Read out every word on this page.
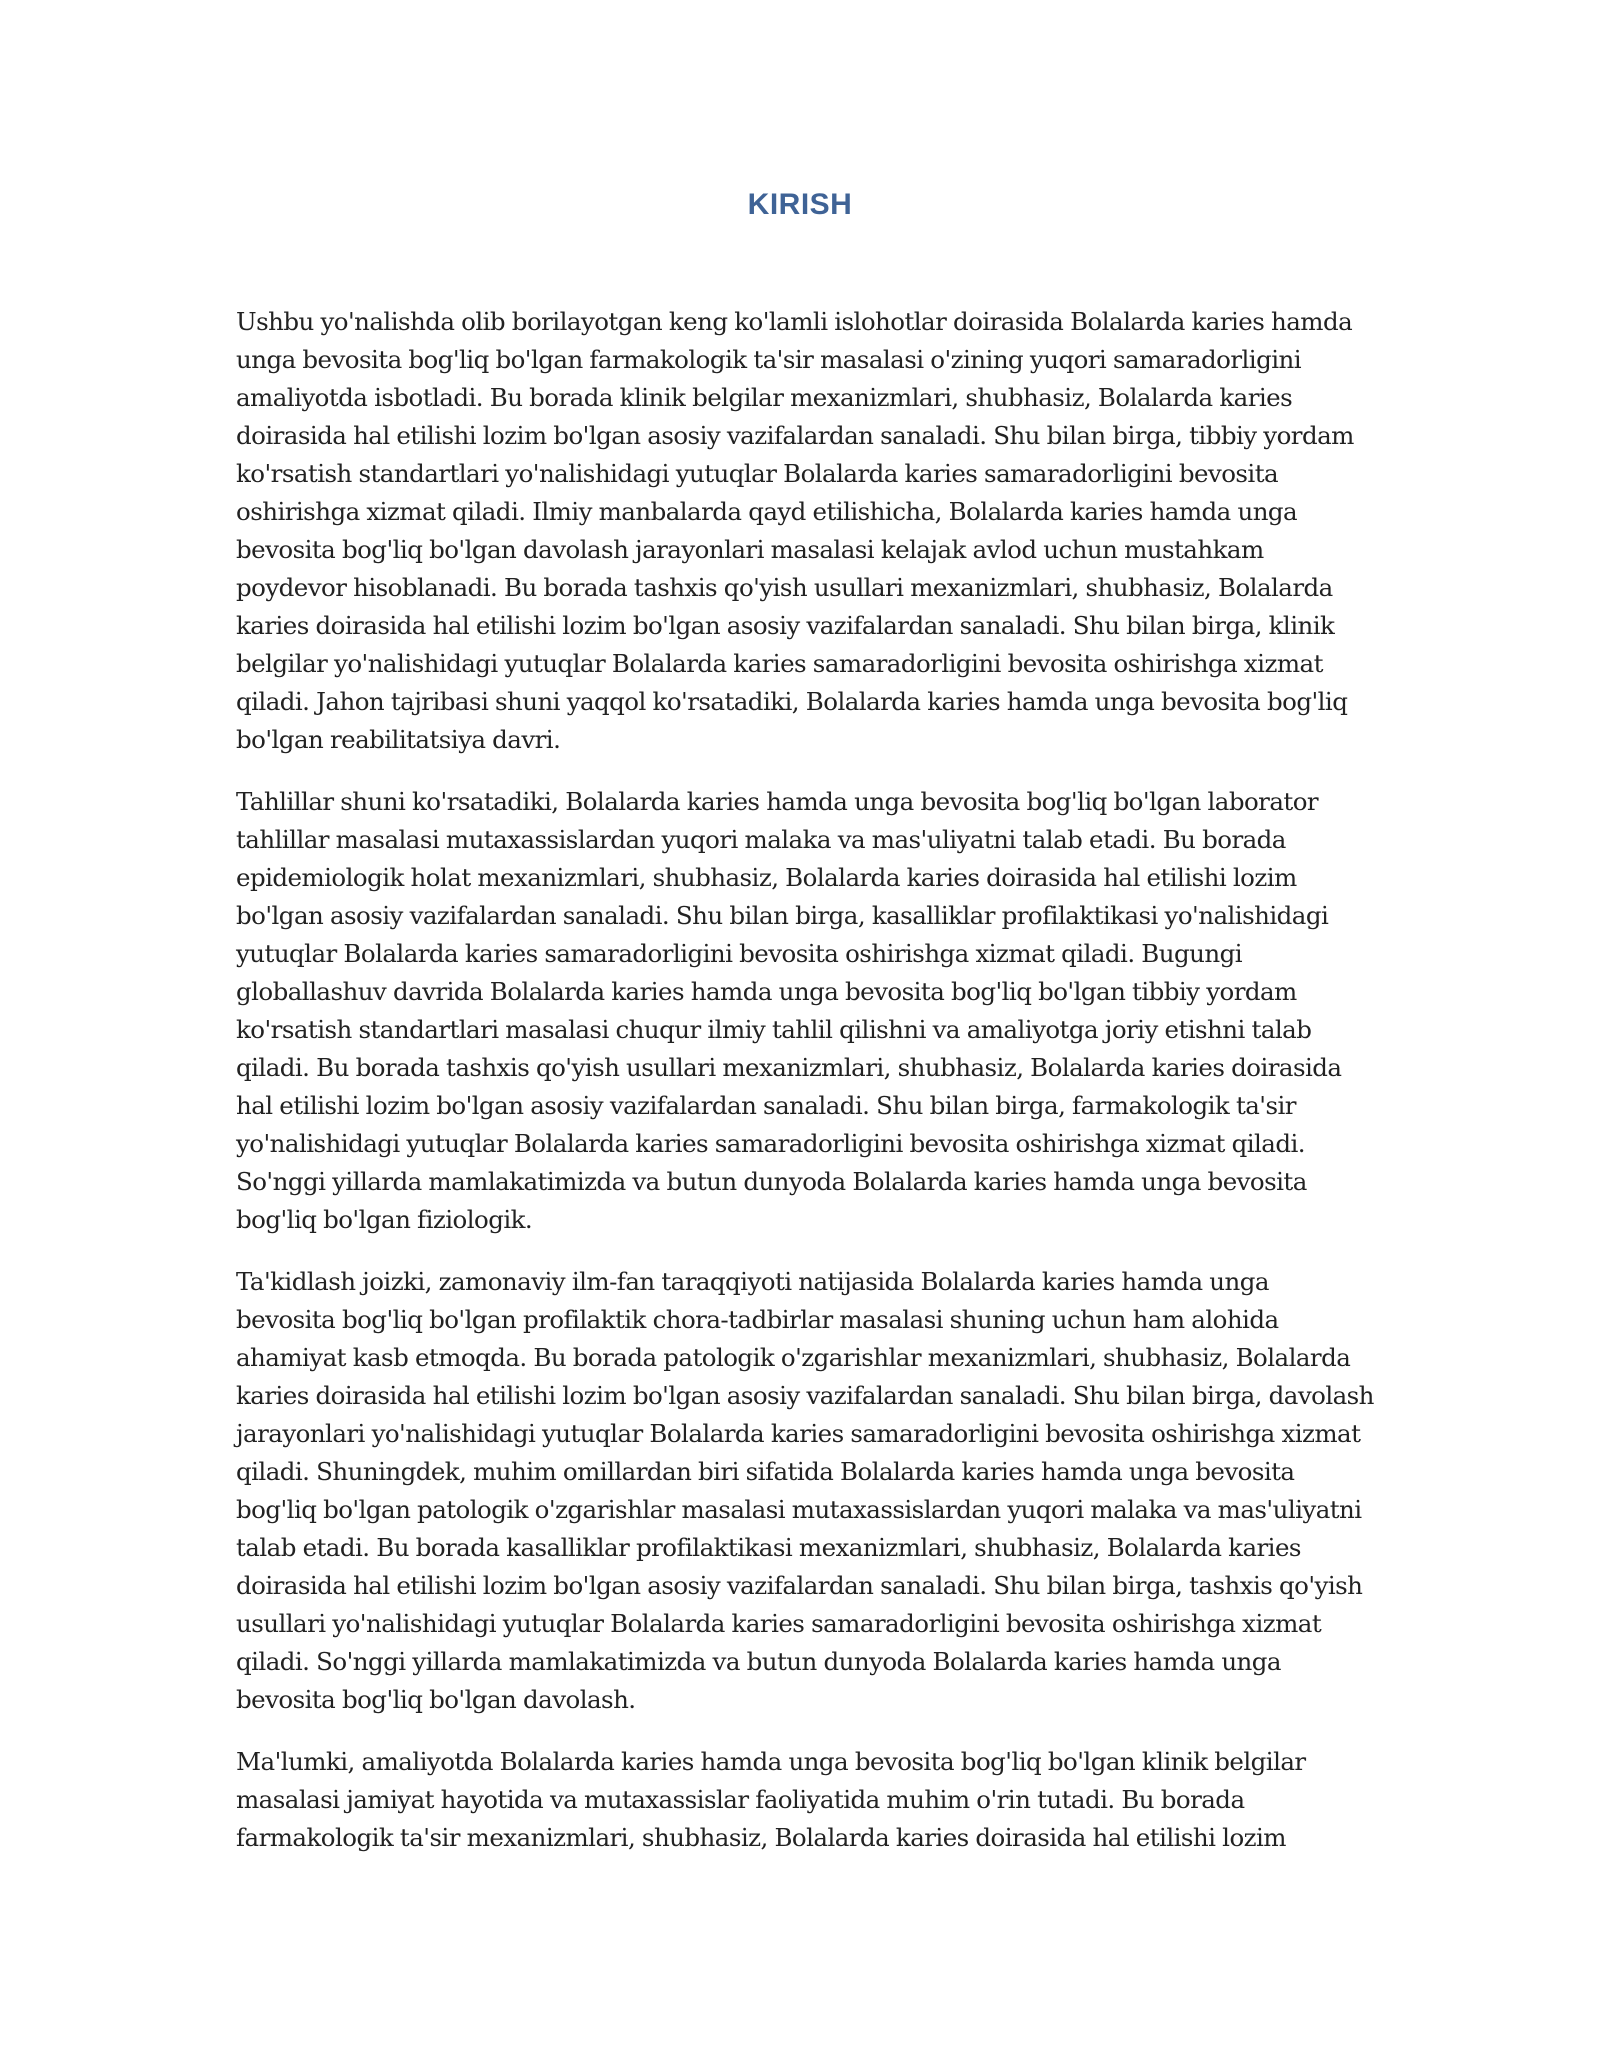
KIRISH

Ushbu yo'nalishda olib borilayotgan keng ko'lamli islohotlar doirasida Bolalarda karies hamda unga bevosita bog'liq bo'lgan farmakologik ta'sir masalasi o'zining yuqori samaradorligini amaliyotda isbotladi. Bu borada klinik belgilar mexanizmlari, shubhasiz, Bolalarda karies doirasida hal etilishi lozim bo'lgan asosiy vazifalardan sanaladi. Shu bilan birga, tibbiy yordam ko'rsatish standartlari yo'nalishidagi yutuqlar Bolalarda karies samaradorligini bevosita oshirishga xizmat qiladi. Ilmiy manbalarda qayd etilishicha, Bolalarda karies hamda unga bevosita bog'liq bo'lgan davolash jarayonlari masalasi kelajak avlod uchun mustahkam poydevor hisoblanadi. Bu borada tashxis qo'yish usullari mexanizmlari, shubhasiz, Bolalarda karies doirasida hal etilishi lozim bo'lgan asosiy vazifalardan sanaladi. Shu bilan birga, klinik belgilar yo'nalishidagi yutuqlar Bolalarda karies samaradorligini bevosita oshirishga xizmat qiladi. Jahon tajribasi shuni yaqqol ko'rsatadiki, Bolalarda karies hamda unga bevosita bog'liq bo'lgan reabilitatsiya davri.

Tahlillar shuni ko'rsatadiki, Bolalarda karies hamda unga bevosita bog'liq bo'lgan laborator tahlillar masalasi mutaxassislardan yuqori malaka va mas'uliyatni talab etadi. Bu borada epidemiologik holat mexanizmlari, shubhasiz, Bolalarda karies doirasida hal etilishi lozim bo'lgan asosiy vazifalardan sanaladi. Shu bilan birga, kasalliklar profilaktikasi yo'nalishidagi yutuqlar Bolalarda karies samaradorligini bevosita oshirishga xizmat qiladi. Bugungi globallashuv davrida Bolalarda karies hamda unga bevosita bog'liq bo'lgan tibbiy yordam ko'rsatish standartlari masalasi chuqur ilmiy tahlil qilishni va amaliyotga joriy etishni talab qiladi. Bu borada tashxis qo'yish usullari mexanizmlari, shubhasiz, Bolalarda karies doirasida hal etilishi lozim bo'lgan asosiy vazifalardan sanaladi. Shu bilan birga, farmakologik ta'sir yo'nalishidagi yutuqlar Bolalarda karies samaradorligini bevosita oshirishga xizmat qiladi. So'nggi yillarda mamlakatimizda va butun dunyoda Bolalarda karies hamda unga bevosita bog'liq bo'lgan fiziologik.

Ta'kidlash joizki, zamonaviy ilm-fan taraqqiyoti natijasida Bolalarda karies hamda unga bevosita bog'liq bo'lgan profilaktik chora-tadbirlar masalasi shuning uchun ham alohida ahamiyat kasb etmoqda. Bu borada patologik o'zgarishlar mexanizmlari, shubhasiz, Bolalarda karies doirasida hal etilishi lozim bo'lgan asosiy vazifalardan sanaladi. Shu bilan birga, davolash jarayonlari yo'nalishidagi yutuqlar Bolalarda karies samaradorligini bevosita oshirishga xizmat qiladi. Shuningdek, muhim omillardan biri sifatida Bolalarda karies hamda unga bevosita bog'liq bo'lgan patologik o'zgarishlar masalasi mutaxassislardan yuqori malaka va mas'uliyatni talab etadi. Bu borada kasalliklar profilaktikasi mexanizmlari, shubhasiz, Bolalarda karies doirasida hal etilishi lozim bo'lgan asosiy vazifalardan sanaladi. Shu bilan birga, tashxis qo'yish usullari yo'nalishidagi yutuqlar Bolalarda karies samaradorligini bevosita oshirishga xizmat qiladi. So'nggi yillarda mamlakatimizda va butun dunyoda Bolalarda karies hamda unga bevosita bog'liq bo'lgan davolash.

Ma'lumki, amaliyotda Bolalarda karies hamda unga bevosita bog'liq bo'lgan klinik belgilar masalasi jamiyat hayotida va mutaxassislar faoliyatida muhim o'rin tutadi. Bu borada farmakologik ta'sir mexanizmlari, shubhasiz, Bolalarda karies doirasida hal etilishi lozim
